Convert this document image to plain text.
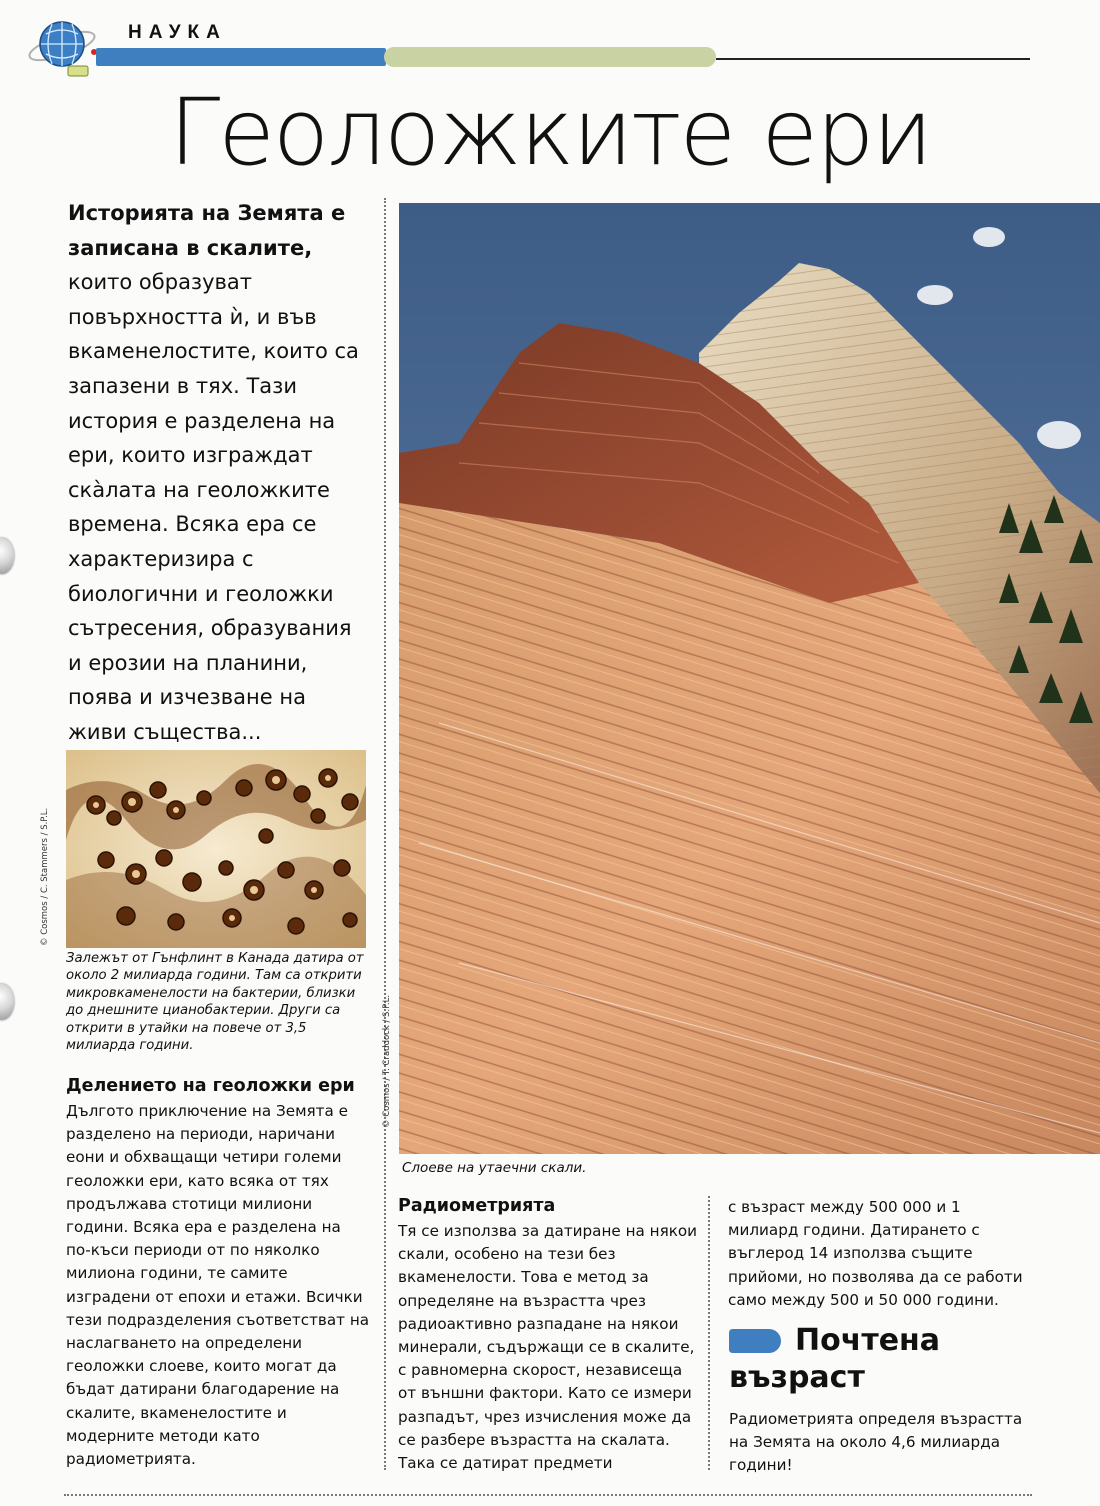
НАУКА
Геоложките ери
Историята на Земята е записана в скалите, които образуват повърхността ѝ, и във вкаменелостите, които са запазени в тях. Тази история е разделена на ери, които изграждат скàлата на геоложките времена. Всяка ера се характеризира с биологични и геоложки сътресения, образувания и ерозии на планини, поява и изчезване на живи същества...
© Cosmos / C. Stammers / S.P.L.
Залежът от Гънфлинт в Канада датира от около 2 милиарда години. Там са открити микровкаменелости на бактерии, близки до днешните цианобактерии. Други са открити в утайки на повече от 3,5 милиарда години.
Делението на геоложки ери
Дългото приключение на Земята е разделено на периоди, наричани еони и обхващащи четири големи геоложки ери, като всяка от тях продължава стотици милиони години. Всяка ера е разделена на по-къси периоди от по няколко милиона години, те самите изградени от епохи и етажи. Всички тези подразделения съответстват на наслагването на определени геоложки слоеве, които могат да бъдат датирани благодарение на скалите, вкаменелостите и модерните методи като радиометрията.
© Cosmos / T. Craddock / S.P.L.
Слоеве на утаечни скали.
Радиометрията
Тя се използва за датиране на някои скали, особено на тези без вкаменелости. Това е метод за определяне на възрастта чрез радиоактивно разпадане на някои минерали, съдържащи се в скалите, с равномерна скорост, независеща от външни фактори. Като се измери разпадът, чрез изчисления може да се разбере възрастта на скалата. Така се датират предмети
с възраст между 500 000 и 1 милиард години. Датирането с въглерод 14 използва същите прийоми, но позволява да се работи само между 500 и 50 000 години.
Почтена възраст
Радиометрията определя възрастта на Земята на около 4,6 милиарда години!
